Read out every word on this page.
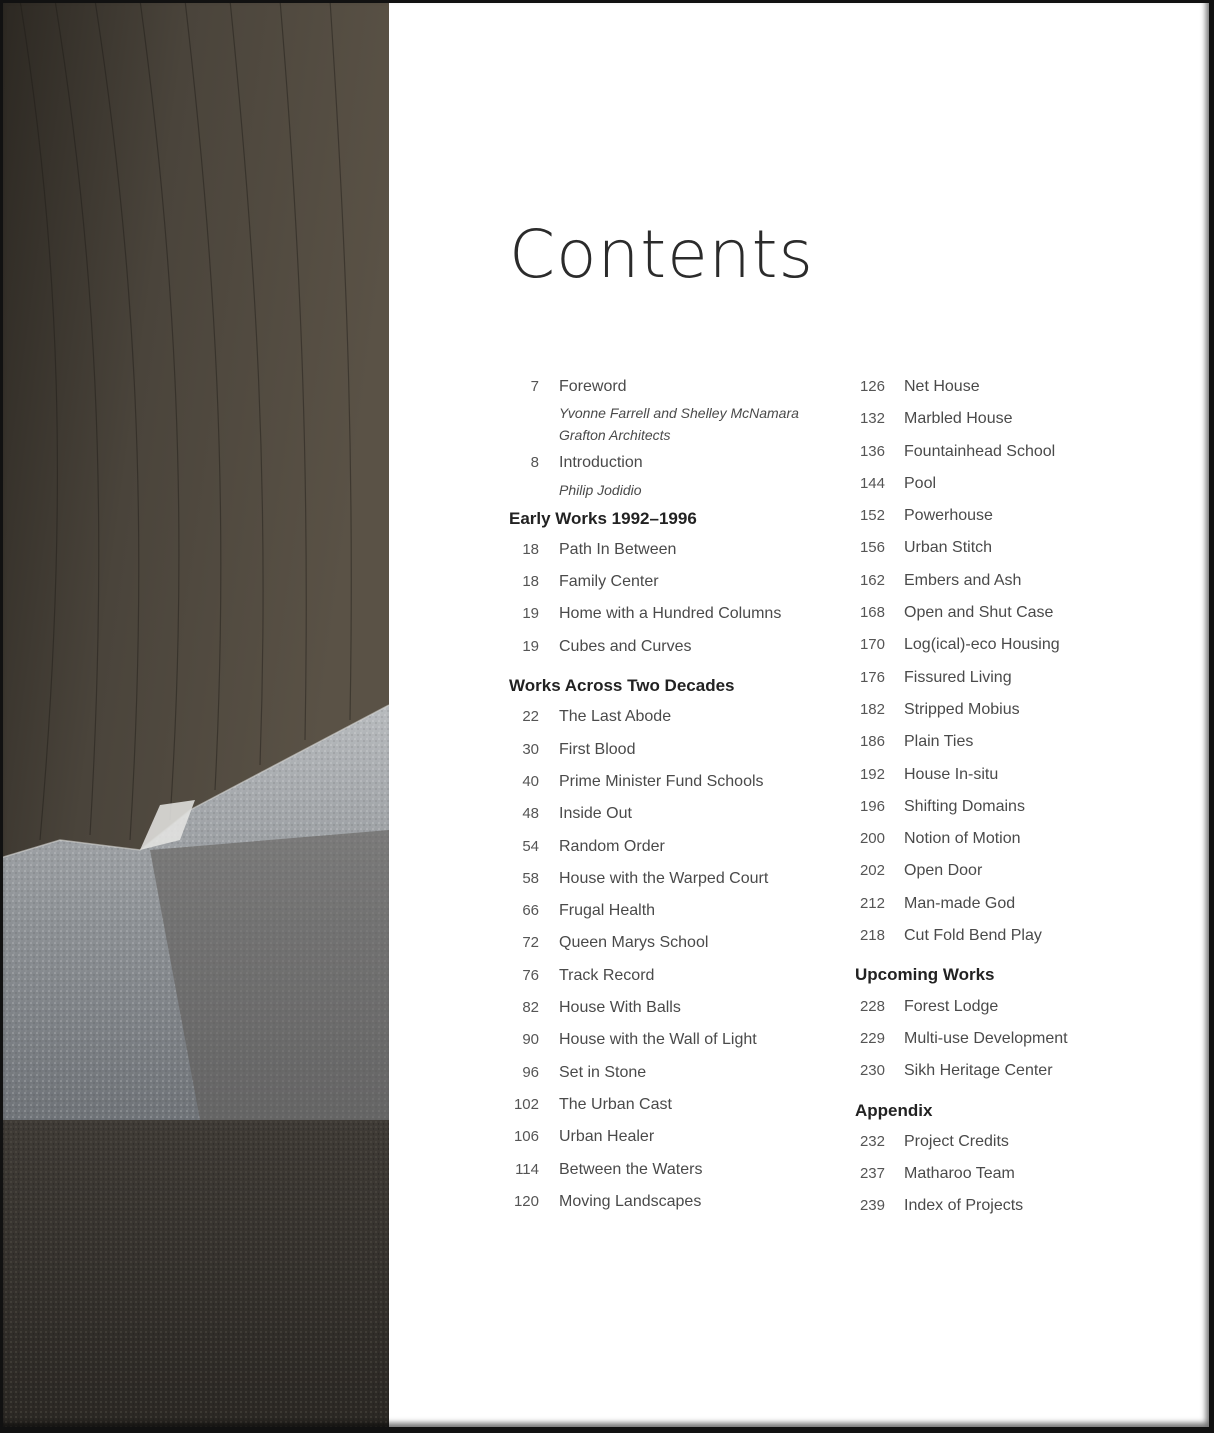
Contents
7 Foreword
Yvonne Farrell and Shelley McNamara
Grafton Architects
8 Introduction
Philip Jodidio
Early Works 1992–1996
18 Path In Between
18 Family Center
19 Home with a Hundred Columns
19 Cubes and Curves
Works Across Two Decades
22 The Last Abode
30 First Blood
40 Prime Minister Fund Schools
48 Inside Out
54 Random Order
58 House with the Warped Court
66 Frugal Health
72 Queen Marys School
76 Track Record
82 House With Balls
90 House with the Wall of Light
96 Set in Stone
102 The Urban Cast
106 Urban Healer
114 Between the Waters
120 Moving Landscapes
126 Net House
132 Marbled House
136 Fountainhead School
144 Pool
152 Powerhouse
156 Urban Stitch
162 Embers and Ash
168 Open and Shut Case
170 Log(ical)-eco Housing
176 Fissured Living
182 Stripped Mobius
186 Plain Ties
192 House In-situ
196 Shifting Domains
200 Notion of Motion
202 Open Door
212 Man-made God
218 Cut Fold Bend Play
Upcoming Works
228 Forest Lodge
229 Multi-use Development
230 Sikh Heritage Center
Appendix
232 Project Credits
237 Matharoo Team
239 Index of Projects
